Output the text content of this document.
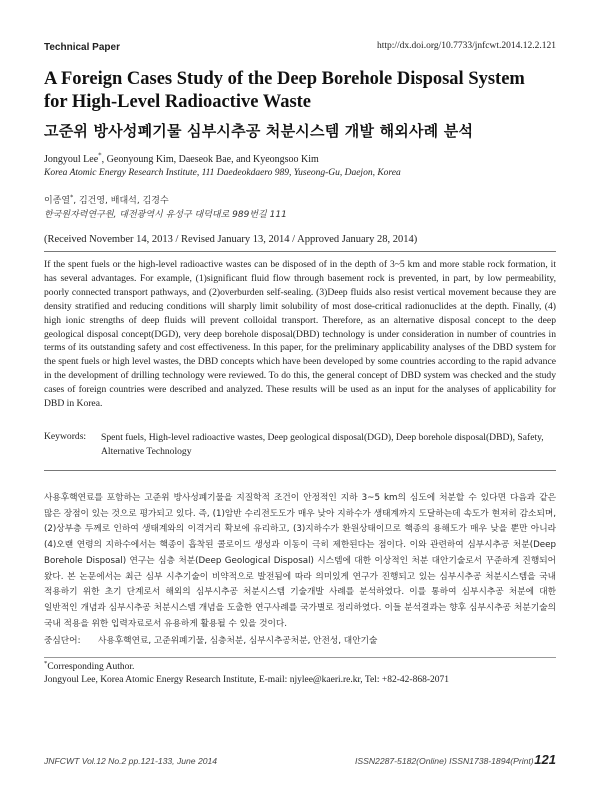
Technical Paper	http://dx.doi.org/10.7733/jnfcwt.2014.12.2.121
A Foreign Cases Study of the Deep Borehole Disposal System
for High-Level Radioactive Waste
고준위 방사성폐기물 심부시추공 처분시스템 개발 해외사례 분석
Jongyoul Lee*, Geonyoung Kim, Daeseok Bae, and Kyeongsoo Kim
Korea Atomic Energy Research Institute, 111 Daedeokdaero 989, Yuseong-Gu, Daejon, Korea
이종열*, 김건영, 배대석, 김경수
한국원자력연구원, 대전광역시 유성구 대덕대로 989번길 111
(Received November 14, 2013 / Revised January 13, 2014 / Approved January 28, 2014)
If the spent fuels or the high-level radioactive wastes can be disposed of in the depth of 3~5 km and more stable rock formation, it has several advantages. For example, (1)significant fluid flow through basement rock is prevented, in part, by low permeability, poorly connected transport pathways, and (2)overburden self-sealing. (3)Deep fluids also resist vertical movement because they are density stratified and reducing conditions will sharply limit solubility of most dose-critical radionuclides at the depth. Finally, (4) high ionic strengths of deep fluids will prevent colloidal transport. Therefore, as an alternative disposal concept to the deep geological disposal concept(DGD), very deep borehole disposal(DBD) technology is under consideration in number of countries in terms of its outstanding safety and cost effectiveness. In this paper, for the preliminary applicability analyses of the DBD system for the spent fuels or high level wastes, the DBD concepts which have been developed by some countries according to the rapid advance in the development of drilling technology were reviewed. To do this, the general concept of DBD system was checked and the study cases of foreign countries were described and analyzed. These results will be used as an input for the analyses of applicability for DBD in Korea.
Keywords: Spent fuels, High-level radioactive wastes, Deep geological disposal(DGD), Deep borehole disposal(DBD), Safety, Alternative Technology
사용후핵연료를 포함하는 고준위 방사성폐기물을 지질학적 조건이 안정적인 지하 3~5 km의 심도에 처분할 수 있다면 다음과 같은 많은 장점이 있는 것으로 평가되고 있다. 즉, (1)암반 수리전도도가 매우 낮아 지하수가 생태계까지 도달하는데 속도가 현저히 감소되며, (2)상부층 두께로 인하여 생태계와의 이격거리 확보에 유리하고, (3)지하수가 환원상태이므로 핵종의 용해도가 매우 낮을 뿐만 아니라 (4)오랜 연령의 지하수에서는 핵종이 흡착된 콜로이드 생성과 이동이 극히 제한된다는 점이다. 이와 관련하여 심부시추공 처분(Deep Borehole Disposal) 연구는 심층 처분(Deep Geological Disposal) 시스템에 대한 이상적인 처분 대안기술로서 꾸준하게 진행되어 왔다. 본 논문에서는 최근 심부 시추기술이 비약적으로 발전됨에 따라 의미있게 연구가 진행되고 있는 심부시추공 처분시스템을 국내 적용하기 위한 초기 단계로서 해외의 심부시추공 처분시스템 기술개발 사례를 분석하였다. 이를 통하여 심부시추공 처분에 대한 일반적인 개념과 심부시추공 처분시스템 개념을 도출한 연구사례를 국가별로 정리하였다. 이들 분석결과는 향후 심부시추공 처분기술의 국내 적용을 위한 입력자료로서 유용하게 활용될 수 있을 것이다.
중심단어: 사용후핵연료, 고준위폐기물, 심층처분, 심부시추공처분, 안전성, 대안기술
*Corresponding Author.
Jongyoul Lee, Korea Atomic Energy Research Institute, E-mail: njylee@kaeri.re.kr, Tel: +82-42-868-2071
JNFCWT Vol.12 No.2 pp.121-133, June 2014	ISSN2287-5182(Online) ISSN1738-1894(Print) 121
